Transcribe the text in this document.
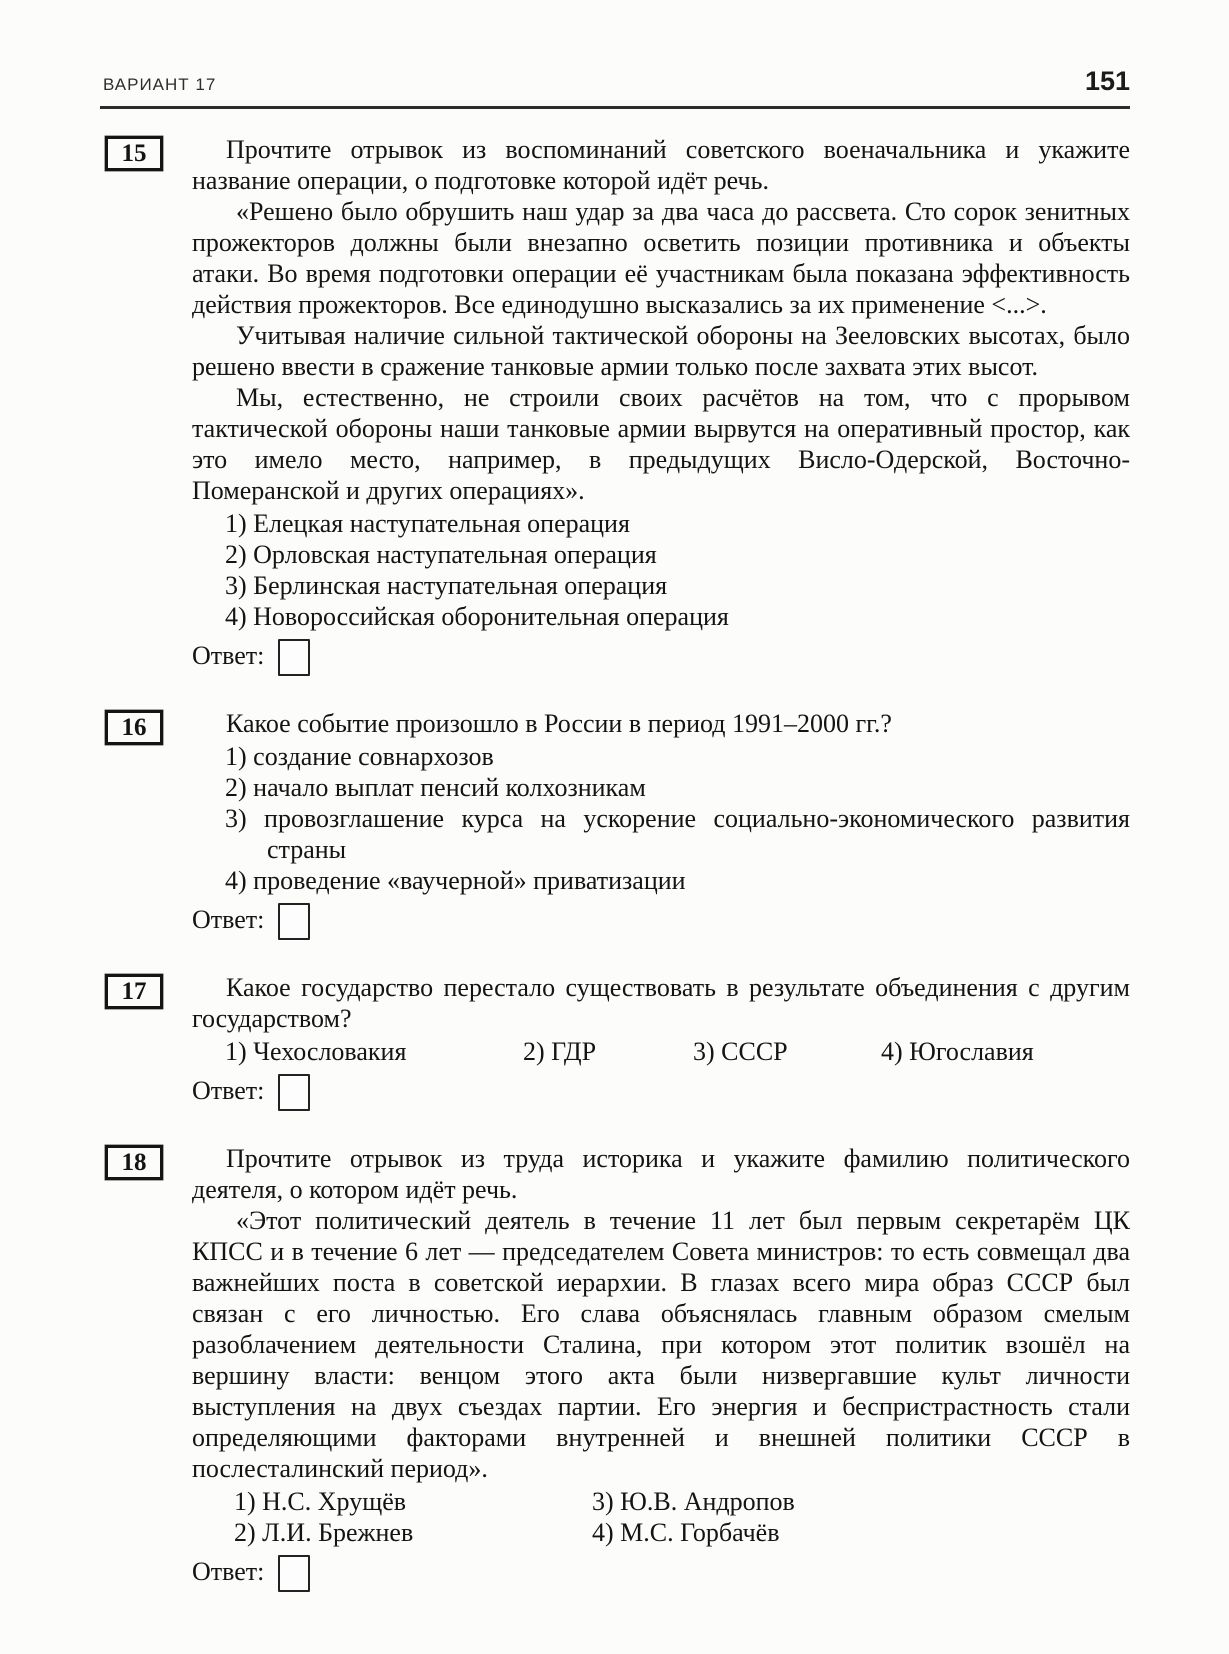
ВАРИАНТ 17	151
15	Прочтите отрывок из воспоминаний советского военачальника и укажите название операции, о подготовке которой идёт речь.

«Решено было обрушить наш удар за два часа до рассвета. Сто сорок зенитных прожекторов должны были внезапно осветить позиции противника и объекты атаки. Во время подготовки операции её участникам была показана эффективность действия прожекторов. Все единодушно высказались за их применение <...>.

Учитывая наличие сильной тактической обороны на Зееловских высотах, было решено ввести в сражение танковые армии только после захвата этих высот.

Мы, естественно, не строили своих расчётов на том, что с прорывом тактической обороны наши танковые армии вырвутся на оперативный простор, как это имело место, например, в предыдущих Висло-Одерской, Восточно-Померанской и других операциях».

1) Елецкая наступательная операция
2) Орловская наступательная операция
3) Берлинская наступательная операция
4) Новороссийская оборонительная операция
Ответ:
16	Какое событие произошло в России в период 1991–2000 гг.?

1) создание совнархозов
2) начало выплат пенсий колхозникам
3) провозглашение курса на ускорение социально-экономического развития страны
4) проведение «ваучерной» приватизации
Ответ:
17	Какое государство перестало существовать в результате объединения с другим государством?

1) Чехословакия	2) ГДР	3) СССР	4) Югославия
Ответ:
18	Прочтите отрывок из труда историка и укажите фамилию политического деятеля, о котором идёт речь.

«Этот политический деятель в течение 11 лет был первым секретарём ЦК КПСС и в течение 6 лет — председателем Совета министров: то есть совмещал два важнейших поста в советской иерархии. В глазах всего мира образ СССР был связан с его личностью. Его слава объяснялась главным образом смелым разоблачением деятельности Сталина, при котором этот политик взошёл на вершину власти: венцом этого акта были низвергавшие культ личности выступления на двух съездах партии. Его энергия и беспристрастность стали определяющими факторами внутренней и внешней политики СССР в послесталинский период».

1) Н.С. Хрущёв	3) Ю.В. Андропов
2) Л.И. Брежнев	4) М.С. Горбачёв
Ответ:
